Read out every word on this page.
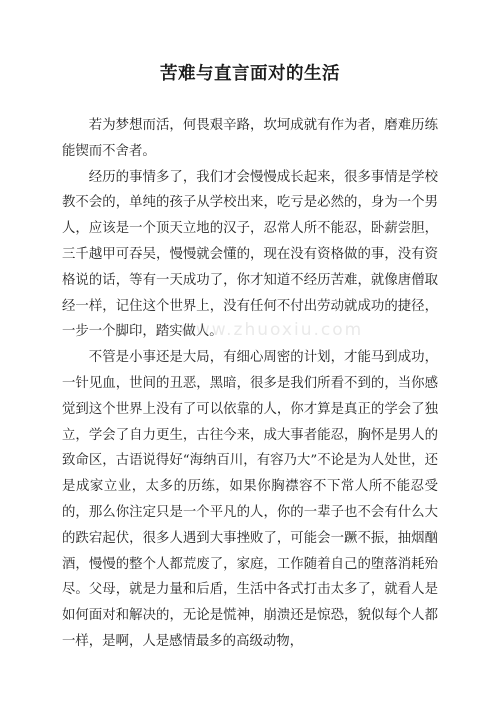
苦难与直言面对的生活

若为梦想而活，何畏艰辛路，坎坷成就有作为者，磨难历练能锲而不舍者。

经历的事情多了，我们才会慢慢成长起来，很多事情是学校教不会的，单纯的孩子从学校出来，吃亏是必然的，身为一个男人，应该是一个顶天立地的汉子，忍常人所不能忍，卧薪尝胆，三千越甲可吞吴，慢慢就会懂的，现在没有资格做的事，没有资格说的话，等有一天成功了，你才知道不经历苦难，就像唐僧取经一样，记住这个世界上，没有任何不付出劳动就成功的捷径，一步一个脚印，踏实做人。

不管是小事还是大局，有细心周密的计划，才能马到成功，一针见血，世间的丑恶，黑暗，很多是我们所看不到的，当你感觉到这个世界上没有了可以依靠的人，你才算是真正的学会了独立，学会了自力更生，古往今来，成大事者能忍，胸怀是男人的致命区，古语说得好“海纳百川，有容乃大”不论是为人处世，还是成家立业，太多的历练，如果你胸襟容不下常人所不能忍受的，那么你注定只是一个平凡的人，你的一辈子也不会有什么大的跌宕起伏，很多人遇到大事挫败了，可能会一蹶不振，抽烟酗酒，慢慢的整个人都荒废了，家庭，工作随着自己的堕落消耗殆尽。父母，就是力量和后盾，生活中各式打击太多了，就看人是如何面对和解决的，无论是慌神，崩溃还是惊恐，貌似每个人都一样，是啊，人是感情最多的高级动物，

www.zhuoxiu.com
